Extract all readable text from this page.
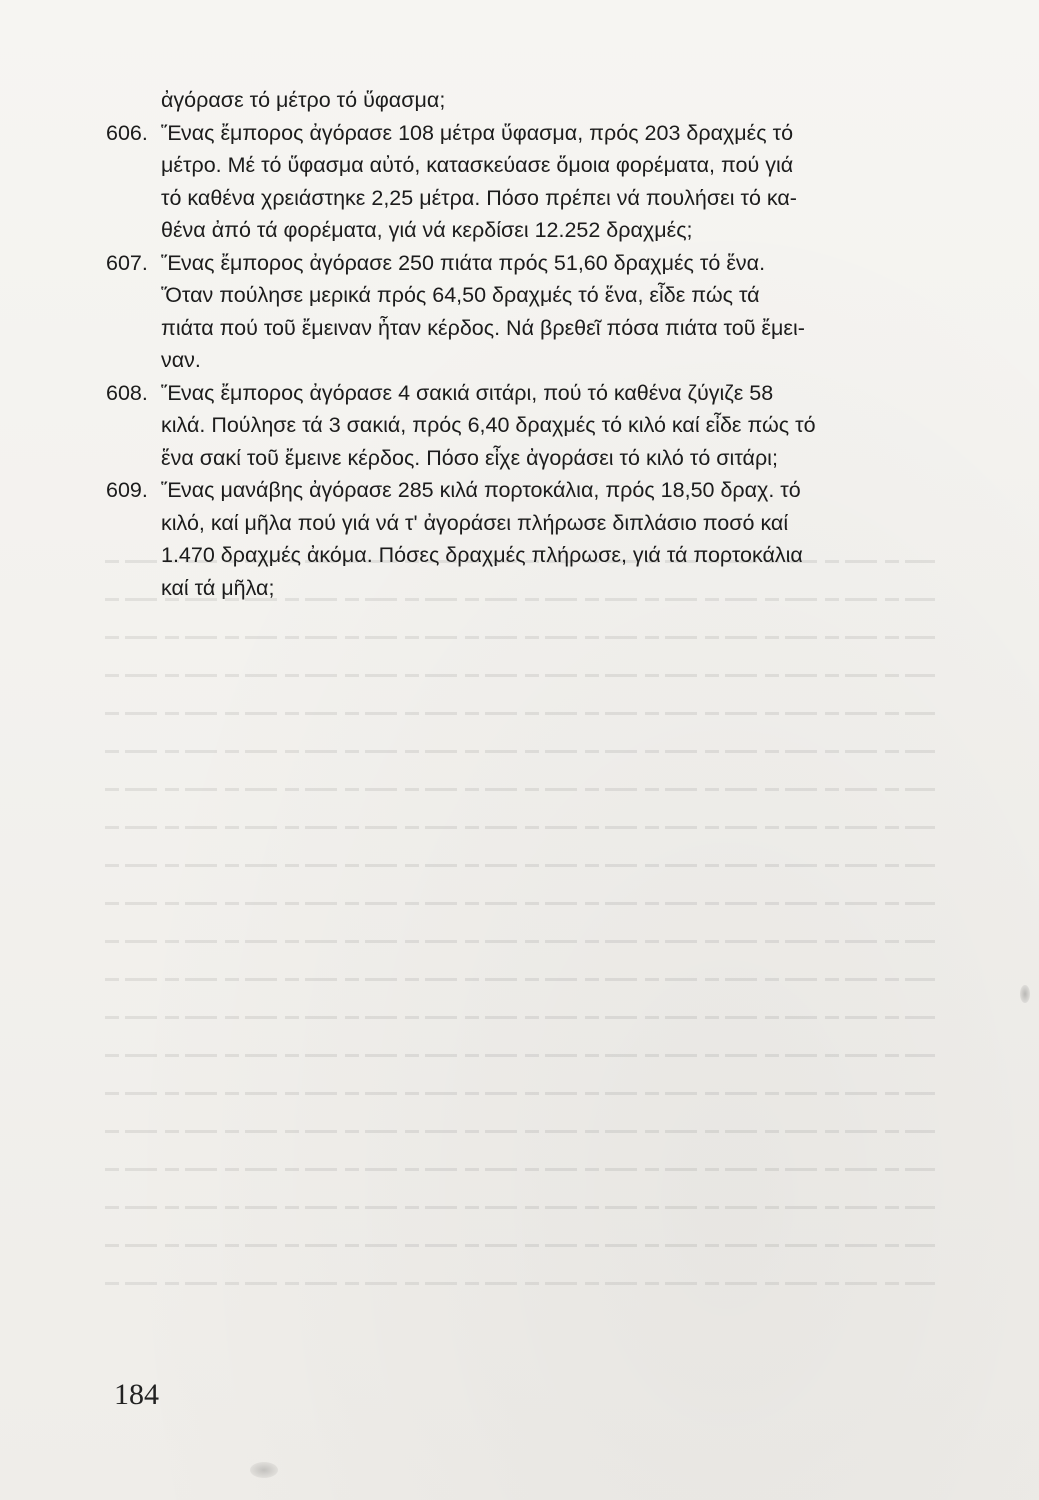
ἀγόρασε τό μέτρο τό ὕφασμα;
606. Ἕνας ἔμπορος ἀγόρασε 108 μέτρα ὕφασμα, πρός 203 δραχμές τό
μέτρο. Μέ τό ὕφασμα αὐτό, κατασκεύασε ὅμοια φορέματα, πού γιά
τό καθένα χρειάστηκε 2,25 μέτρα. Πόσο πρέπει νά πουλήσει τό κα-
θένα ἀπό τά φορέματα, γιά νά κερδίσει 12.252 δραχμές;
607. Ἕνας ἔμπορος ἀγόρασε 250 πιάτα πρός 51,60 δραχμές τό ἕνα.
Ὅταν πούλησε μερικά πρός 64,50 δραχμές τό ἕνα, εἶδε πώς τά
πιάτα πού τοῦ ἔμειναν ἦταν κέρδος. Νά βρεθεῖ πόσα πιάτα τοῦ ἔμει-
ναν.
608. Ἕνας ἔμπορος ἀγόρασε 4 σακιά σιτάρι, πού τό καθένα ζύγιζε 58
κιλά. Πούλησε τά 3 σακιά, πρός 6,40 δραχμές τό κιλό καί εἶδε πώς τό
ἕνα σακί τοῦ ἔμεινε κέρδος. Πόσο εἶχε ἀγοράσει τό κιλό τό σιτάρι;
609. Ἕνας μανάβης ἀγόρασε 285 κιλά πορτοκάλια, πρός 18,50 δραχ. τό
κιλό, καί μῆλα πού γιά νά τ' ἀγοράσει πλήρωσε διπλάσιο ποσό καί
1.470 δραχμές ἀκόμα. Πόσες δραχμές πλήρωσε, γιά τά πορτοκάλια
καί τά μῆλα;
184
